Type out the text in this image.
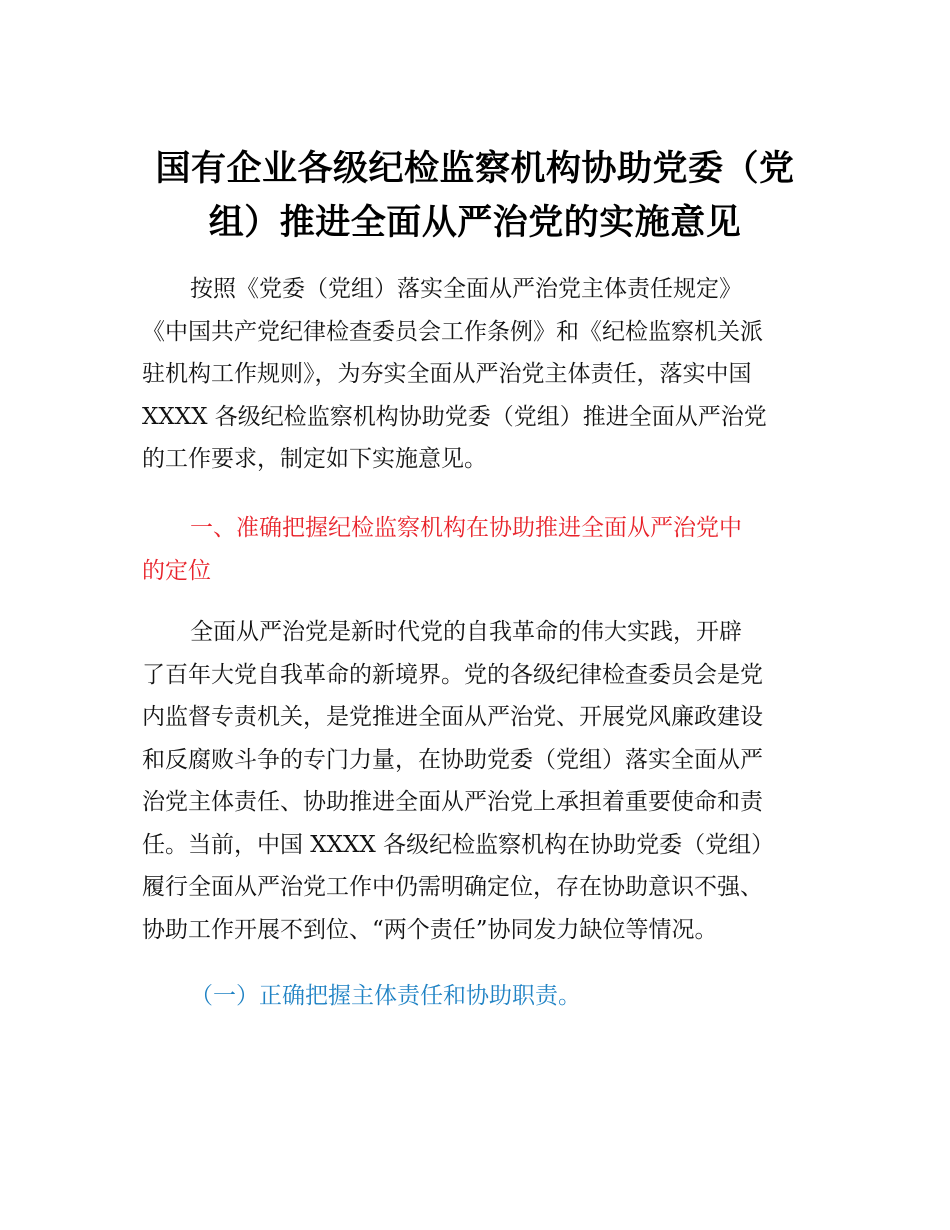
国有企业各级纪检监察机构协助党委（党
组）推进全面从严治党的实施意见
按照《党委（党组）落实全面从严治党主体责任规定》
《中国共产党纪律检查委员会工作条例》和《纪检监察机关派
驻机构工作规则》，为夯实全面从严治党主体责任，落实中国
XXXX 各级纪检监察机构协助党委（党组）推进全面从严治党
的工作要求，制定如下实施意见。
一、准确把握纪检监察机构在协助推进全面从严治党中
的定位
全面从严治党是新时代党的自我革命的伟大实践，开辟
了百年大党自我革命的新境界。党的各级纪律检查委员会是党
内监督专责机关，是党推进全面从严治党、开展党风廉政建设
和反腐败斗争的专门力量，在协助党委（党组）落实全面从严
治党主体责任、协助推进全面从严治党上承担着重要使命和责
任。当前，中国 XXXX 各级纪检监察机构在协助党委（党组）
履行全面从严治党工作中仍需明确定位，存在协助意识不强、
协助工作开展不到位、“两个责任”协同发力缺位等情况。
（一）正确把握主体责任和协助职责。
